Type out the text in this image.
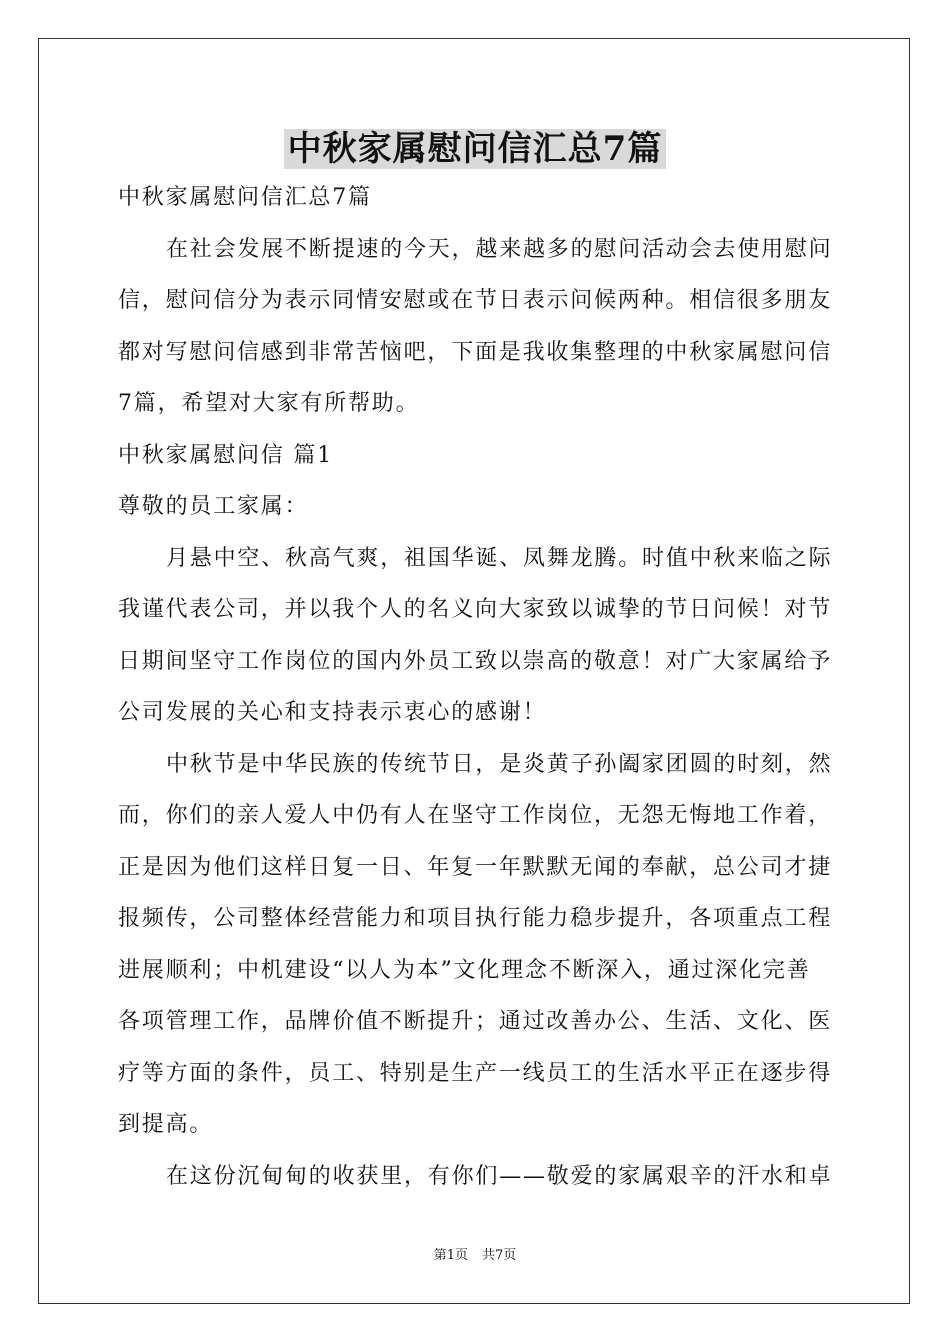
中秋家属慰问信汇总7篇

中秋家属慰问信汇总7篇

在社会发展不断提速的今天，越来越多的慰问活动会去使用慰问信，慰问信分为表示同情安慰或在节日表示问候两种。相信很多朋友都对写慰问信感到非常苦恼吧，下面是我收集整理的中秋家属慰问信7篇，希望对大家有所帮助。

中秋家属慰问信 篇1

尊敬的员工家属：

月悬中空、秋高气爽，祖国华诞、凤舞龙腾。时值中秋来临之际我谨代表公司，并以我个人的名义向大家致以诚挚的节日问候！对节日期间坚守工作岗位的国内外员工致以崇高的敬意！对广大家属给予公司发展的关心和支持表示衷心的感谢！

中秋节是中华民族的传统节日，是炎黄子孙阖家团圆的时刻，然而，你们的亲人爱人中仍有人在坚守工作岗位，无怨无悔地工作着，正是因为他们这样日复一日、年复一年默默无闻的奉献，总公司才捷报频传，公司整体经营能力和项目执行能力稳步提升，各项重点工程进展顺利；中机建设“以人为本”文化理念不断深入，通过深化完善各项管理工作，品牌价值不断提升；通过改善办公、生活、文化、医疗等方面的条件，员工、特别是生产一线员工的生活水平正在逐步得到提高。

在这份沉甸甸的收获里，有你们——敬爱的家属艰辛的汗水和卓

第1页 共7页
